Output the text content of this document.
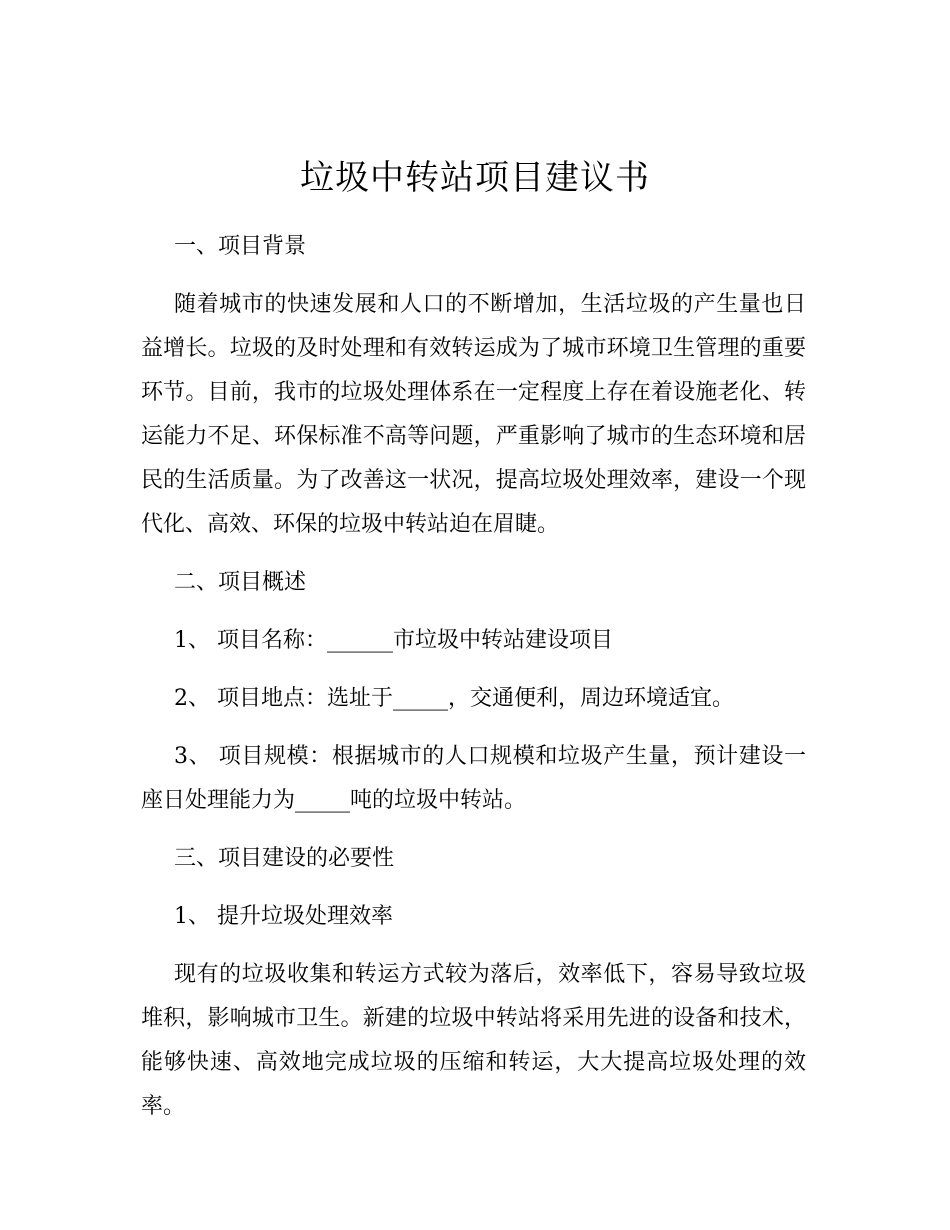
垃圾中转站项目建议书

一、项目背景

随着城市的快速发展和人口的不断增加，生活垃圾的产生量也日益增长。垃圾的及时处理和有效转运成为了城市环境卫生管理的重要环节。目前，我市的垃圾处理体系在一定程度上存在着设施老化、转运能力不足、环保标准不高等问题，严重影响了城市的生态环境和居民的生活质量。为了改善这一状况，提高垃圾处理效率，建设一个现代化、高效、环保的垃圾中转站迫在眉睫。

二、项目概述

1、 项目名称：______市垃圾中转站建设项目

2、 项目地点：选址于_____，交通便利，周边环境适宜。

3、 项目规模：根据城市的人口规模和垃圾产生量，预计建设一座日处理能力为_____吨的垃圾中转站。

三、项目建设的必要性

1、 提升垃圾处理效率

现有的垃圾收集和转运方式较为落后，效率低下，容易导致垃圾堆积，影响城市卫生。新建的垃圾中转站将采用先进的设备和技术，能够快速、高效地完成垃圾的压缩和转运，大大提高垃圾处理的效率。
